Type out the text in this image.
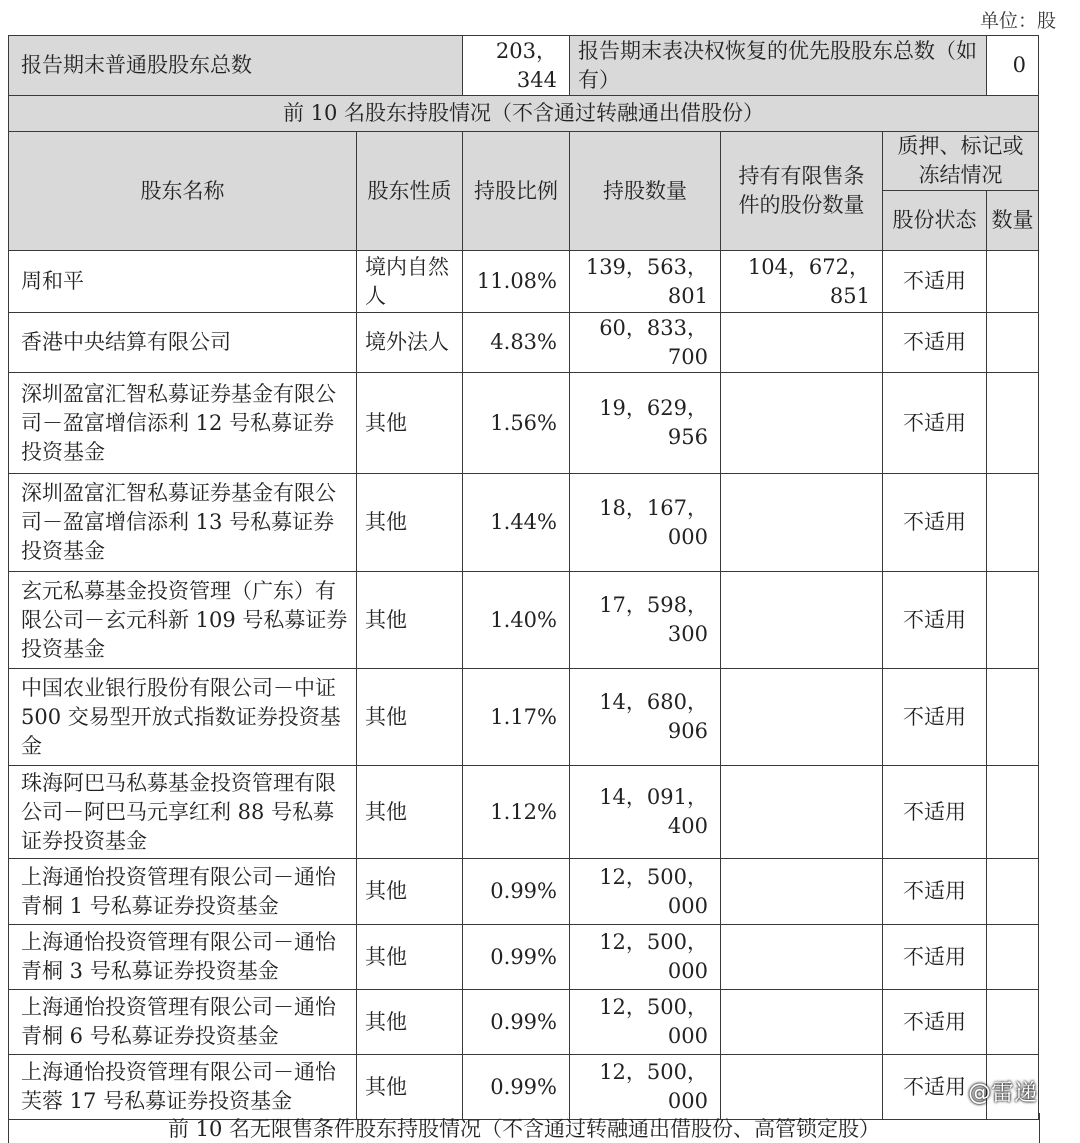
单位：股
报告期末普通股股东总数		203，344	报告期末表决权恢复的优先股股东总数（如有）			0
前 10 名股东持股情况（不含通过转融通出借股份）						
股东名称	股东性质	持股比例	持股数量	持有有限售条件的股份数量	质押、标记或冻结情况	
					股份状态	数量
周和平	境内自然人	11.08%	139，563，801	104，672，851	不适用	
香港中央结算有限公司	境外法人	4.83%	60，833，700		不适用	
深圳盈富汇智私募证券基金有限公司－盈富增信添利 12 号私募证券投资基金	其他	1.56%	19，629，956		不适用	
深圳盈富汇智私募证券基金有限公司－盈富增信添利 13 号私募证券投资基金	其他	1.44%	18，167，000		不适用	
玄元私募基金投资管理（广东）有限公司－玄元科新 109 号私募证券投资基金	其他	1.40%	17，598，300		不适用	
中国农业银行股份有限公司－中证 500 交易型开放式指数证券投资基金	其他	1.17%	14，680，906		不适用	
珠海阿巴马私募基金投资管理有限公司－阿巴马元享红利 88 号私募证券投资基金	其他	1.12%	14，091，400		不适用	
上海通怡投资管理有限公司－通怡青桐 1 号私募证券投资基金	其他	0.99%	12，500，000		不适用	
上海通怡投资管理有限公司－通怡青桐 3 号私募证券投资基金	其他	0.99%	12，500，000		不适用	
上海通怡投资管理有限公司－通怡青桐 6 号私募证券投资基金	其他	0.99%	12，500，000		不适用	
上海通怡投资管理有限公司－通怡芙蓉 17 号私募证券投资基金	其他	0.99%	12，500，000		不适用	
前 10 名无限售条件股东持股情况（不含通过转融通出借股份、高管锁定股）
@雷递
